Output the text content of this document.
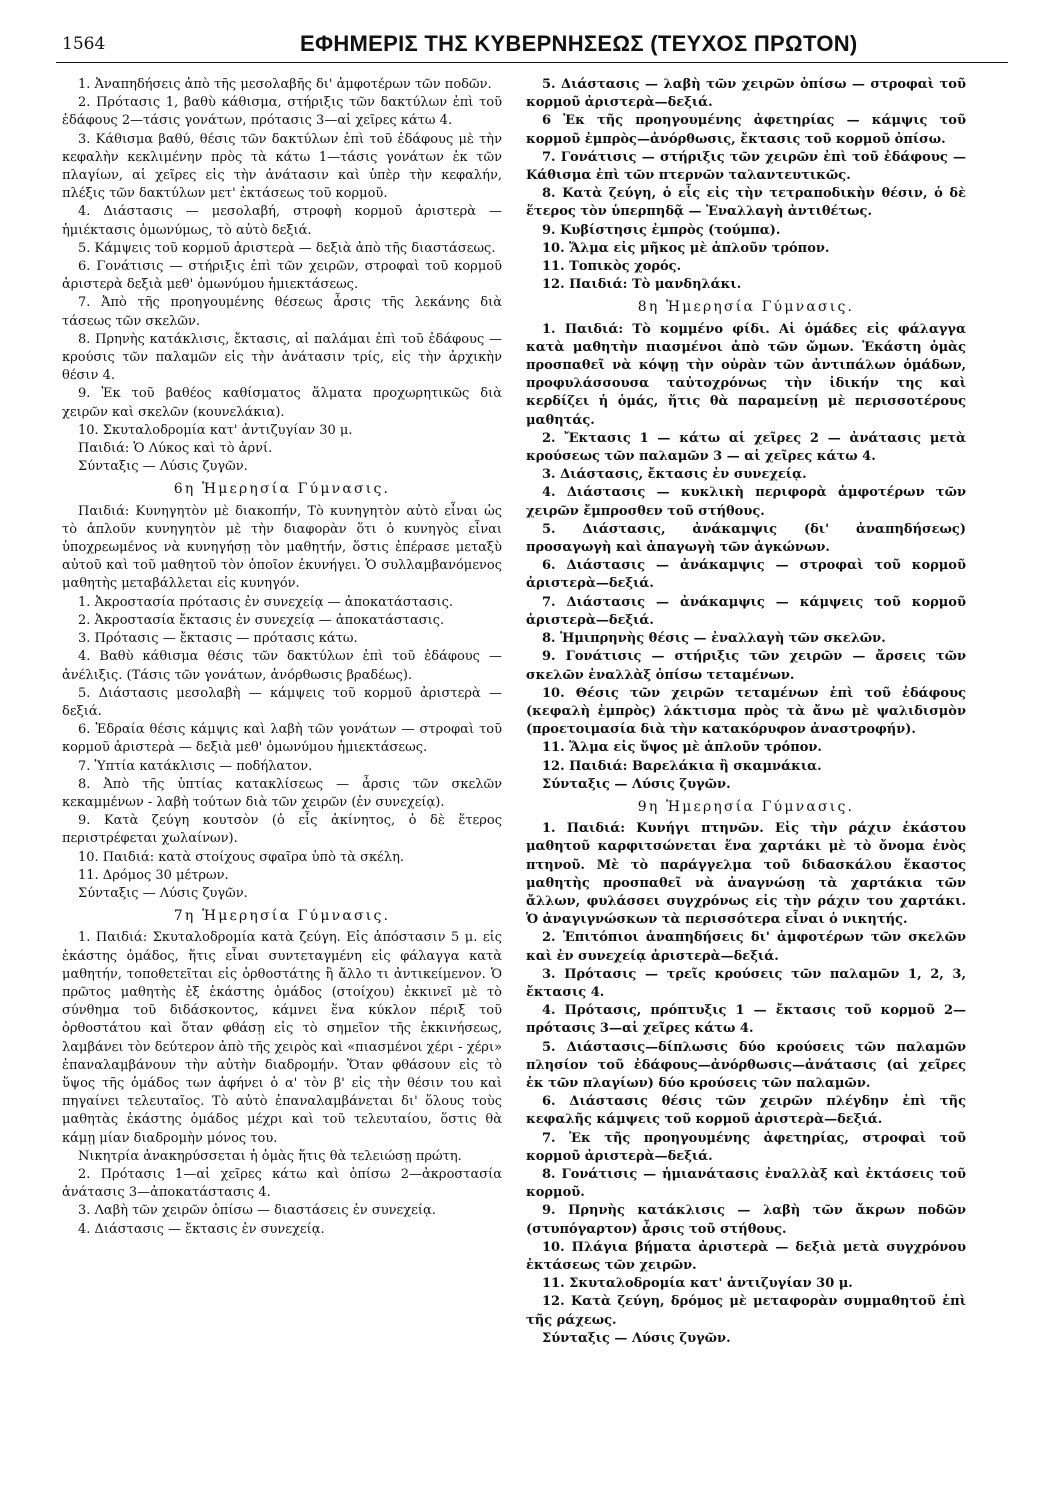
1564	ΕΦΗΜΕΡΙΣ ΤΗΣ ΚΥΒΕΡΝΗΣΕΩΣ (ΤΕΥΧΟΣ ΠΡΩΤΟΝ)

1. Ἀναπηδήσεις ἀπὸ τῆς μεσολαβῆς δι' ἀμφοτέρων τῶν ποδῶν.

2. Πρότασις 1, βαθὺ κάθισμα, στήριξις τῶν δακτύλων ἐπὶ τοῦ ἐδάφους 2—τάσις γονάτων, πρότασις 3—αἱ χεῖρες κάτω 4.

3. Κάθισμα βαθύ, θέσις τῶν δακτύλων ἐπὶ τοῦ ἐδάφους μὲ τὴν κεφαλὴν κεκλιμένην πρὸς τὰ κάτω 1—τάσις γονάτων ἐκ τῶν πλαγίων, αἱ χεῖρες εἰς τὴν ἀνάτασιν καὶ ὑπὲρ τὴν κεφαλήν, πλέξις τῶν δακτύλων μετ' ἐκτάσεως τοῦ κορμοῦ.

4. Διάστασις — μεσολαβή, στροφὴ κορμοῦ ἀριστερὰ — ἡμιέκτασις ὁμωνύμως, τὸ αὐτὸ δεξιά.

5. Κάμψεις τοῦ κορμοῦ ἀριστερὰ — δεξιὰ ἀπὸ τῆς διαστάσεως.

6. Γονάτισις — στήριξις ἐπὶ τῶν χειρῶν, στροφαὶ τοῦ κορμοῦ ἀριστερὰ δεξιὰ μεθ' ὁμωνύμου ἡμιεκτάσεως.

7. Ἀπὸ τῆς προηγουμένης θέσεως ἆρσις τῆς λεκάνης διὰ τάσεως τῶν σκελῶν.

8. Πρηνὴς κατάκλισις, ἔκτασις, αἱ παλάμαι ἐπὶ τοῦ ἐδάφους — κρούσις τῶν παλαμῶν εἰς τὴν ἀνάτασιν τρίς, εἰς τὴν ἀρχικὴν θέσιν 4.

9. Ἐκ τοῦ βαθέος καθίσματος ἅλματα προχωρητικῶς διὰ χειρῶν καὶ σκελῶν (κουνελάκια).

10. Σκυταλοδρομία κατ' ἀντιζυγίαν 30 μ.

Παιδιά: Ὁ Λύκος καὶ τὸ ἀρνί.

Σύνταξις — Λύσις ζυγῶν.

6η Ἡμερησία Γύμνασις.

Παιδιά: Κυνηγητὸν μὲ διακοπήν, Τὸ κυνηγητὸν αὐτὸ εἶναι ὡς τὸ ἁπλοῦν κυνηγητὸν μὲ τὴν διαφορὰν ὅτι ὁ κυνηγὸς εἶναι ὑποχρεωμένος νὰ κυνηγήσῃ τὸν μαθητήν, ὅστις ἐπέρασε μεταξὺ αὐτοῦ καὶ τοῦ μαθητοῦ τὸν ὁποῖον ἐκυνήγει. Ὁ συλλαμβανόμενος μαθητὴς μεταβάλλεται εἰς κυνηγόν.

1. Ἀκροστασία πρότασις ἐν συνεχείᾳ — ἀποκατάστασις.

2. Ἀκροστασία ἔκτασις ἐν συνεχείᾳ — ἀποκατάστασις.

3. Πρότασις — ἔκτασις — πρότασις κάτω.

4. Βαθὺ κάθισμα θέσις τῶν δακτύλων ἐπὶ τοῦ ἐδάφους — ἀνέλιξις. (Τάσις τῶν γονάτων, ἀνόρθωσις βραδέως).

5. Διάστασις μεσολαβὴ — κάμψεις τοῦ κορμοῦ ἀριστερὰ — δεξιά.

6. Ἑδραία θέσις κάμψις καὶ λαβὴ τῶν γονάτων — στροφαὶ τοῦ κορμοῦ ἀριστερὰ — δεξιὰ μεθ' ὁμωνύμου ἡμιεκτάσεως.

7. Ὑπτία κατάκλισις — ποδήλατον.

8. Ἀπὸ τῆς ὑπτίας κατακλίσεως — ἆρσις τῶν σκελῶν κεκαμμένων - λαβὴ τούτων διὰ τῶν χειρῶν (ἐν συνεχείᾳ).

9. Κατὰ ζεύγη κουτσὸν (ὁ εἷς ἀκίνητος, ὁ δὲ ἕτερος περιστρέφεται χωλαίνων).

10. Παιδιά: κατὰ στοίχους σφαῖρα ὑπὸ τὰ σκέλη.

11. Δρόμος 30 μέτρων.

Σύνταξις — Λύσις ζυγῶν.

7η Ἡμερησία Γύμνασις.

1. Παιδιά: Σκυταλοδρομία κατὰ ζεύγη. Εἰς ἀπόστασιν 5 μ. εἰς ἑκάστης ὁμάδος, ἥτις εἶναι συντεταγμένη εἰς φάλαγγα κατὰ μαθητήν, τοποθετεῖται εἰς ὀρθοστάτης ἢ ἄλλο τι ἀντικείμενον. Ὁ πρῶτος μαθητὴς ἐξ ἑκάστης ὁμάδος (στοίχου) ἐκκινεῖ μὲ τὸ σύνθημα τοῦ διδάσκοντος, κάμνει ἕνα κύκλον πέριξ τοῦ ὀρθοστάτου καὶ ὅταν φθάσῃ εἰς τὸ σημεῖον τῆς ἐκκινήσεως, λαμβάνει τὸν δεύτερον ἀπὸ τῆς χειρὸς καὶ «πιασμένοι χέρι - χέρι» ἐπαναλαμβάνουν τὴν αὐτὴν διαδρομήν. Ὅταν φθάσουν εἰς τὸ ὕψος τῆς ὁμάδος των ἀφήνει ὁ α' τὸν β' εἰς τὴν θέσιν του καὶ πηγαίνει τελευταῖος. Τὸ αὐτὸ ἐπαναλαμβάνεται δι' ὅλους τοὺς μαθητὰς ἑκάστης ὁμάδος μέχρι καὶ τοῦ τελευταίου, ὅστις θὰ κάμῃ μίαν διαδρομὴν μόνος του.

Νικητρία ἀνακηρύσσεται ἡ ὁμὰς ἥτις θὰ τελειώσῃ πρώτη.

2. Πρότασις 1—αἱ χεῖρες κάτω καὶ ὀπίσω 2—ἀκροστασία ἀνάτασις 3—ἀποκατάστασις 4.

3. Λαβὴ τῶν χειρῶν ὀπίσω — διαστάσεις ἐν συνεχείᾳ.

4. Διάστασις — ἔκτασις ἐν συνεχείᾳ.

5. Διάστασις — λαβὴ τῶν χειρῶν ὀπίσω — στροφαὶ τοῦ κορμοῦ ἀριστερὰ—δεξιά.

6 Ἐκ τῆς προηγουμένης ἀφετηρίας — κάμψις τοῦ κορμοῦ ἐμπρὸς—ἀνόρθωσις, ἔκτασις τοῦ κορμοῦ ὀπίσω.

7. Γονάτισις — στήριξις τῶν χειρῶν ἐπὶ τοῦ ἐδάφους — Κάθισμα ἐπὶ τῶν πτερνῶν ταλαντευτικῶς.

8. Κατὰ ζεύγη, ὁ εἷς εἰς τὴν τετραποδικὴν θέσιν, ὁ δὲ ἕτερος τὸν ὑπερπηδᾷ — Ἐναλλαγὴ ἀντιθέτως.

9. Κυβίστησις ἐμπρὸς (τούμπα).

10. Ἅλμα εἰς μῆκος μὲ ἁπλοῦν τρόπον.

11. Τοπικὸς χορός.

12. Παιδιά: Τὸ μανδηλάκι.

8η Ἡμερησία Γύμνασις.

1. Παιδιά: Τὸ κομμένο φίδι. Αἱ ὁμάδες εἰς φάλαγγα κατὰ μαθητὴν πιασμένοι ἀπὸ τῶν ὤμων. Ἑκάστη ὁμὰς προσπαθεῖ νὰ κόψῃ τὴν οὐρὰν τῶν ἀντιπάλων ὁμάδων, προφυλάσσουσα ταὐτοχρόνως τὴν ἰδικήν της καὶ κερδίζει ἡ ὁμάς, ἥτις θὰ παραμείνῃ μὲ περισσοτέρους μαθητάς.

2. Ἔκτασις 1 — κάτω αἱ χεῖρες 2 — ἀνάτασις μετὰ κρούσεως τῶν παλαμῶν 3 — αἱ χεῖρες κάτω 4.

3. Διάστασις, ἔκτασις ἐν συνεχείᾳ.

4. Διάστασις — κυκλικὴ περιφορὰ ἀμφοτέρων τῶν χειρῶν ἔμπροσθεν τοῦ στήθους.

5. Διάστασις, ἀνάκαμψις (δι' ἀναπηδήσεως) προσαγωγὴ καὶ ἀπαγωγὴ τῶν ἀγκώνων.

6. Διάστασις — ἀνάκαμψις — στροφαὶ τοῦ κορμοῦ ἀριστερὰ—δεξιά.

7. Διάστασις — ἀνάκαμψις — κάμψεις τοῦ κορμοῦ ἀριστερὰ—δεξιά.

8. Ἡμιπρηνὴς θέσις — ἐναλλαγὴ τῶν σκελῶν.

9. Γονάτισις — στήριξις τῶν χειρῶν — ἄρσεις τῶν σκελῶν ἐναλλὰξ ὀπίσω τεταμένων.

10. Θέσις τῶν χειρῶν τεταμένων ἐπὶ τοῦ ἐδάφους (κεφαλὴ ἐμπρὸς) λάκτισμα πρὸς τὰ ἄνω μὲ ψαλιδισμὸν (προετοιμασία διὰ τὴν κατακόρυφον ἀναστροφήν).

11. Ἅλμα εἰς ὕψος μὲ ἁπλοῦν τρόπον.

12. Παιδιά: Βαρελάκια ἢ σκαμνάκια.

Σύνταξις — Λύσις ζυγῶν.

9η Ἡμερησία Γύμνασις.

1. Παιδιά: Κυνήγι πτηνῶν. Εἰς τὴν ράχιν ἑκάστου μαθητοῦ καρφιτσώνεται ἕνα χαρτάκι μὲ τὸ ὄνομα ἑνὸς πτηνοῦ. Μὲ τὸ παράγγελμα τοῦ διδασκάλου ἕκαστος μαθητὴς προσπαθεῖ νὰ ἀναγνώσῃ τὰ χαρτάκια τῶν ἄλλων, φυλάσσει συγχρόνως εἰς τὴν ράχιν του χαρτάκι. Ὁ ἀναγιγνώσκων τὰ περισσότερα εἶναι ὁ νικητής.

2. Ἐπιτόπιοι ἀναπηδήσεις δι' ἀμφοτέρων τῶν σκελῶν καὶ ἐν συνεχείᾳ ἀριστερὰ—δεξιά.

3. Πρότασις — τρεῖς κρούσεις τῶν παλαμῶν 1, 2, 3, ἔκτασις 4.

4. Πρότασις, πρόπτυξις 1 — ἔκτασις τοῦ κορμοῦ 2—πρότασις 3—αἱ χεῖρες κάτω 4.

5. Διάστασις—δίπλωσις δύο κρούσεις τῶν παλαμῶν πλησίον τοῦ ἐδάφους—ἀνόρθωσις—ἀνάτασις (αἱ χεῖρες ἐκ τῶν πλαγίων) δύο κρούσεις τῶν παλαμῶν.

6. Διάστασις θέσις τῶν χειρῶν πλέγδην ἐπὶ τῆς κεφαλῆς κάμψεις τοῦ κορμοῦ ἀριστερὰ—δεξιά.

7. Ἐκ τῆς προηγουμένης ἀφετηρίας, στροφαὶ τοῦ κορμοῦ ἀριστερὰ—δεξιά.

8. Γονάτισις — ἡμιανάτασις ἐναλλὰξ καὶ ἐκτάσεις τοῦ κορμοῦ.

9. Πρηνὴς κατάκλισις — λαβὴ τῶν ἄκρων ποδῶν (στυπόγαρτον) ἆρσις τοῦ στήθους.

10. Πλάγια βήματα ἀριστερὰ — δεξιὰ μετὰ συγχρόνου ἐκτάσεως τῶν χειρῶν.

11. Σκυταλοδρομία κατ' ἀντιζυγίαν 30 μ.

12. Κατὰ ζεύγη, δρόμος μὲ μεταφορὰν συμμαθητοῦ ἐπὶ τῆς ράχεως.

Σύνταξις — Λύσις ζυγῶν.
